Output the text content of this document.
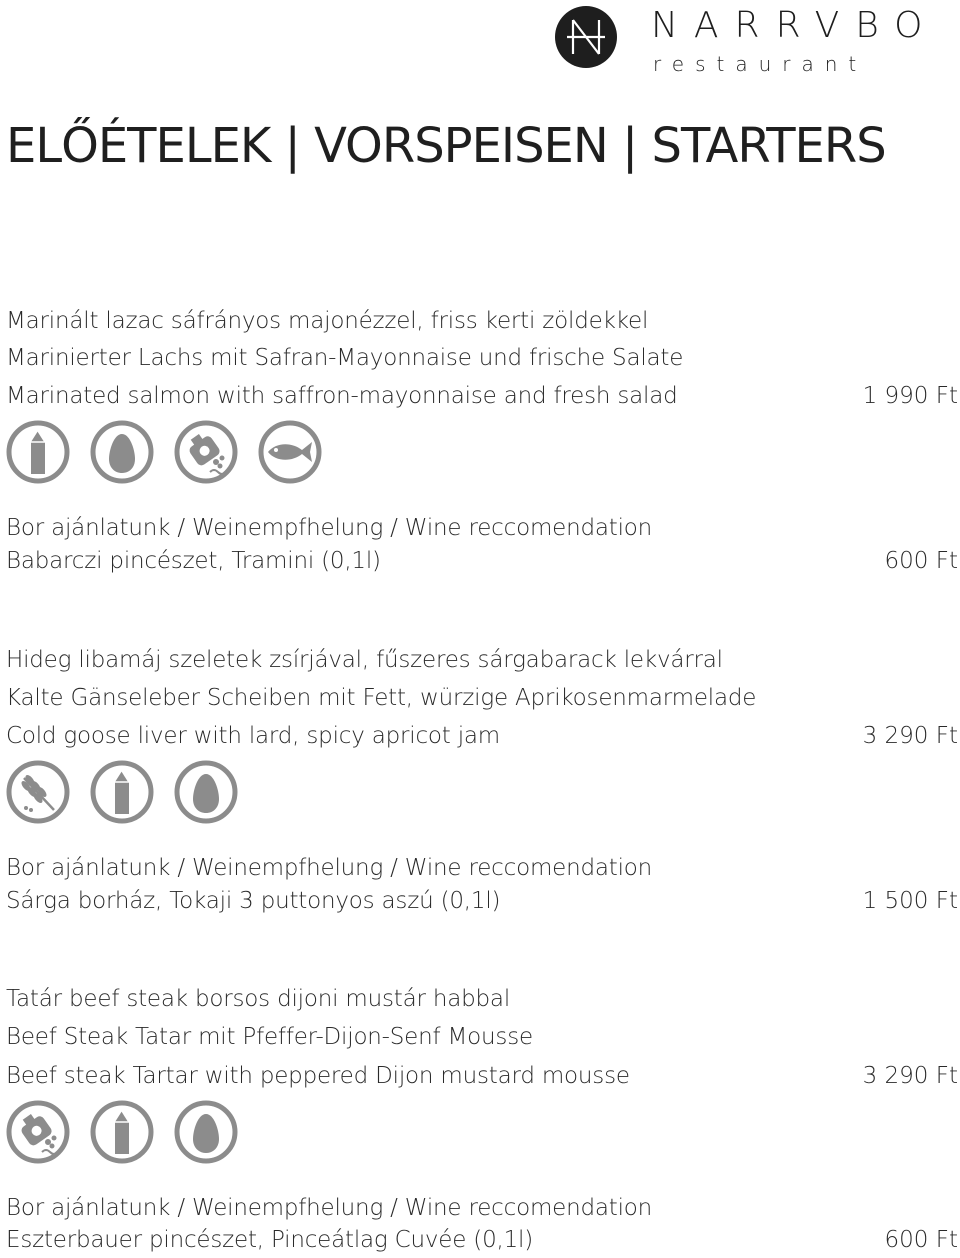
NARRVBO
restaurant
ELŐÉTELEK | VORSPEISEN | STARTERS
Marinált lazac sáfrányos majonézzel, friss kerti zöldekkel
Marinierter Lachs mit Safran-Mayonnaise und frische Salate
Marinated salmon with saffron-mayonnaise and fresh salad	1 990 Ft
Bor ajánlatunk / Weinempfhelung / Wine reccomendation
Babarczi pincészet, Tramini (0,1l)	600 Ft
Hideg libamáj szeletek zsírjával, fűszeres sárgabarack lekvárral
Kalte Gänseleber Scheiben mit Fett, würzige Aprikosenmarmelade
Cold goose liver with lard, spicy apricot jam	3 290 Ft
Bor ajánlatunk / Weinempfhelung / Wine reccomendation
Sárga borház, Tokaji 3 puttonyos aszú (0,1l)	1 500 Ft
Tatár beef steak borsos dijoni mustár habbal
Beef Steak Tatar mit Pfeffer-Dijon-Senf Mousse
Beef steak Tartar with peppered Dijon mustard mousse	3 290 Ft
Bor ajánlatunk / Weinempfhelung / Wine reccomendation
Eszterbauer pincészet, Pinceátlag Cuvée (0,1l)	600 Ft
